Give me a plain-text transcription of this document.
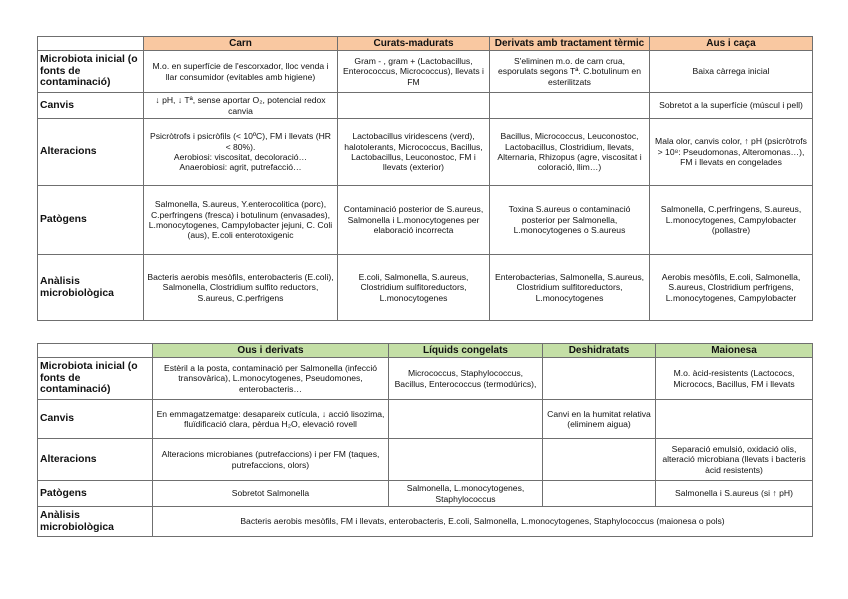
	Carn	Curats-madurats	Derivats amb tractament tèrmic	Aus i caça
Microbiota inicial (o fonts de contaminació)	M.o. en superfície de l'escorxador, lloc venda i llar consumidor (evitables amb higiene)	Gram - , gram + (Lactobacillus, Enterococcus, Micrococcus), llevats i FM	S'eliminen m.o. de carn crua, esporulats segons Tª. C.botulinum en esterilitzats	Baixa càrrega inicial

Canvis	↓ pH, ↓ Tª, sense aportar O₂, potencial redox canvia			Sobretot a la superfície (múscul i pell)

Alteracions	Psicròtrofs i psicròfils (< 10ºC), FM i llevats (HR < 80%).
Aerobiosi: viscositat, decoloració…
Anaerobiosi: agrit, putrefacció…	Lactobacillus viridescens (verd), halotolerants, Micrococcus, Bacillus, Lactobacillus, Leuconostoc, FM i llevats (exterior)	Bacillus, Micrococcus, Leuconostoc, Lactobacillus, Clostridium, llevats, Alternaria, Rhizopus (agre, viscositat i coloració, llim…)	Mala olor, canvis color, ↑ pH (psicròtrofs > 10⁸: Pseudomonas, Alteromonas…), FM i llevats en congelades

Patògens	Salmonella, S.aureus, Y.enterocolitica (porc), C.perfringens (fresca) i botulinum (envasades), L.monocytogenes, Campylobacter jejuni, C. Coli (aus), E.coli enterotoxigenic	Contaminació posterior de S.aureus, Salmonella i L.monocytogenes per elaboració incorrecta	Toxina S.aureus o contaminació posterior per Salmonella, L.monocytogenes o S.aureus	Salmonella, C.perfringens, S.aureus, L.monocytogenes, Campylobacter (pollastre)

Anàlisis microbiològica	Bacteris aerobis mesòfils, enterobacteris (E.coli), Salmonella, Clostridium sulfito reductors, S.aureus, C.perfrigens	E.coli, Salmonella, S.aureus, Clostridium sulfitoreductors, L.monocytogenes	Enterobacterias, Salmonella, S.aureus, Clostridium sulfitoreductors, L.monocytogenes	Aerobis mesòfils, E.coli, Salmonella, S.aureus, Clostridium perfrigens, L.monocytogenes, Campylobacter
	Ous i derivats	Líquids congelats	Deshidratats	Maionesa
Microbiota inicial (o fonts de contaminació)	Estèril a la posta, contaminació per Salmonella (infecció transovàrica), L.monocytogenes, Pseudomones, enterobacteris…	Micrococcus, Staphylococcus, Bacillus, Enterococcus (termodúrics),		M.o. àcid-resistents (Lactococs, Micrococs, Bacillus, FM i llevats

Canvis	En emmagatzematge: desapareix cutícula, ↓ acció lisozima, fluïdificació clara, pèrdua H₂O, elevació rovell		Canvi en la humitat relativa (eliminem aigua)	

Alteracions	Alteracions microbianes (putrefaccions) i per FM (taques, putrefaccions, olors)			Separació emulsió, oxidació olis, alteració microbiana (llevats i bacteris àcid resistents)

Patògens	Sobretot Salmonella	Salmonella, L.monocytogenes, Staphylococcus		Salmonella i S.aureus (si ↑ pH)

Anàlisis microbiològica	Bacteris aerobis mesòfils, FM i llevats, enterobacteris, E.coli, Salmonella, L.monocytogenes, Staphylococcus (maionesa o pols)			
